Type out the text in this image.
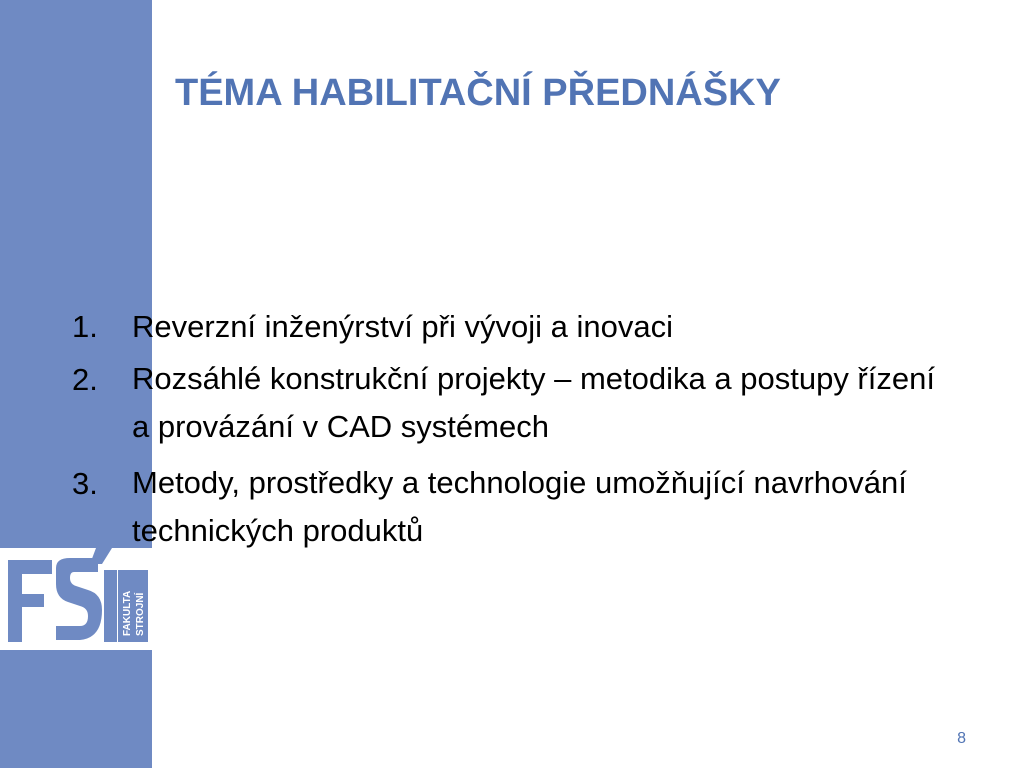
FAKULTA STROJNÍ
TÉMA HABILITAČNÍ PŘEDNÁŠKY
1.	Reverzní inženýrství při vývoji a inovaci
2.	Rozsáhlé konstrukční projekty – metodika a postupy řízení a provázání v CAD systémech
3.	Metody, prostředky a technologie umožňující navrhování technických produktů
8
